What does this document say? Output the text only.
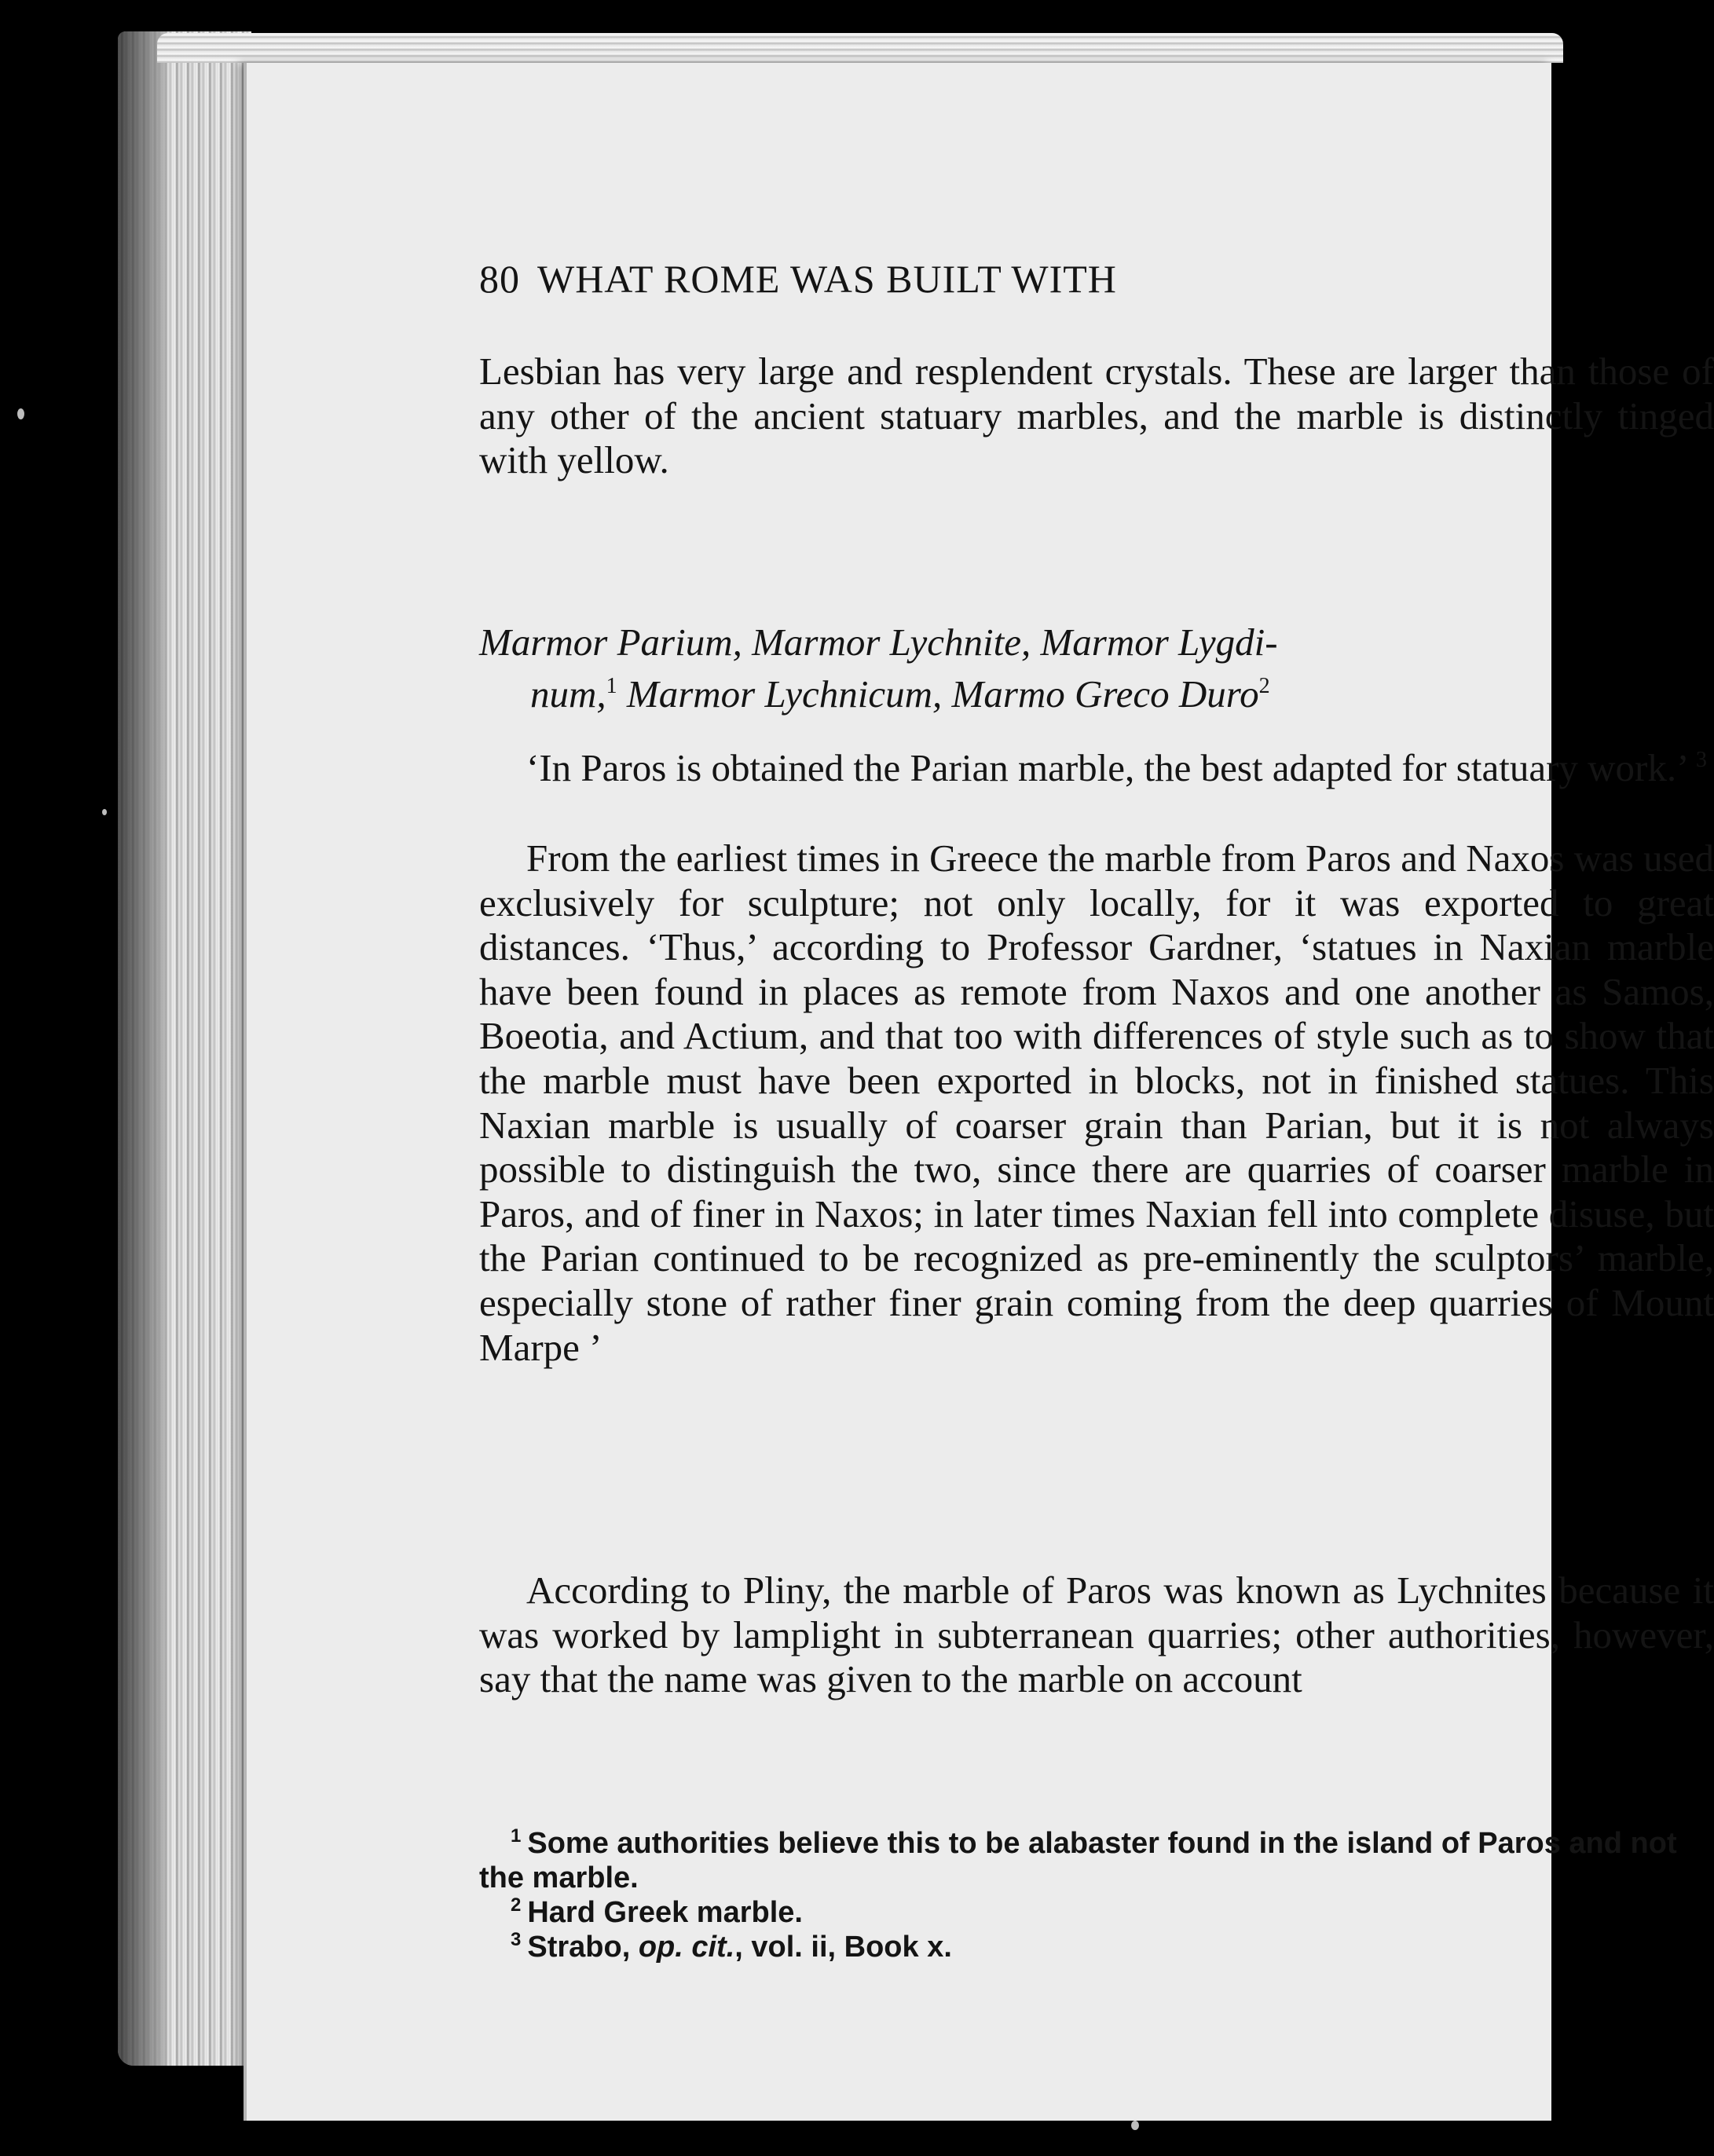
80 WHAT ROME WAS BUILT WITH

Lesbian has very large and resplendent crystals. These are larger than those of any other of the ancient statuary marbles, and the marble is distinctly tinged with yellow.

Marmor Parium, Marmor Lychnite, Marmor Lygdi-
num,$^1$ Marmor Lychnicum, Marmo Greco Duro$^2$

‘In Paros is obtained the Parian marble, the best adapted for statuary work.’ $^3$

From the earliest times in Greece the marble from Paros and Naxos was used exclusively for sculpture; not only locally, for it was exported to great distances. ‘Thus,’ according to Professor Gardner, ‘statues in Naxian marble have been found in places as remote from Naxos and one another as Samos, Boeotia, and Actium, and that too with differences of style such as to show that the marble must have been exported in blocks, not in finished statues. This Naxian marble is usually of coarser grain than Parian, but it is not always possible to distinguish the two, since there are quarries of coarser marble in Paros, and of finer in Naxos; in later times Naxian fell into complete disuse, but the Parian continued to be recognized as pre-eminently the sculptors’ marble, especially stone of rather finer grain coming from the deep quarries of Mount Marpe ’

According to Pliny, the marble of Paros was known as Lychnites because it was worked by lamplight in subterranean quarries; other authorities, however, say that the name was given to the marble on account

$^1$ Some authorities believe this to be alabaster found in the island of Paros and not the marble.

$^2$ Hard Greek marble.

$^3$ Strabo, op. cit., vol. ii, Book x.
